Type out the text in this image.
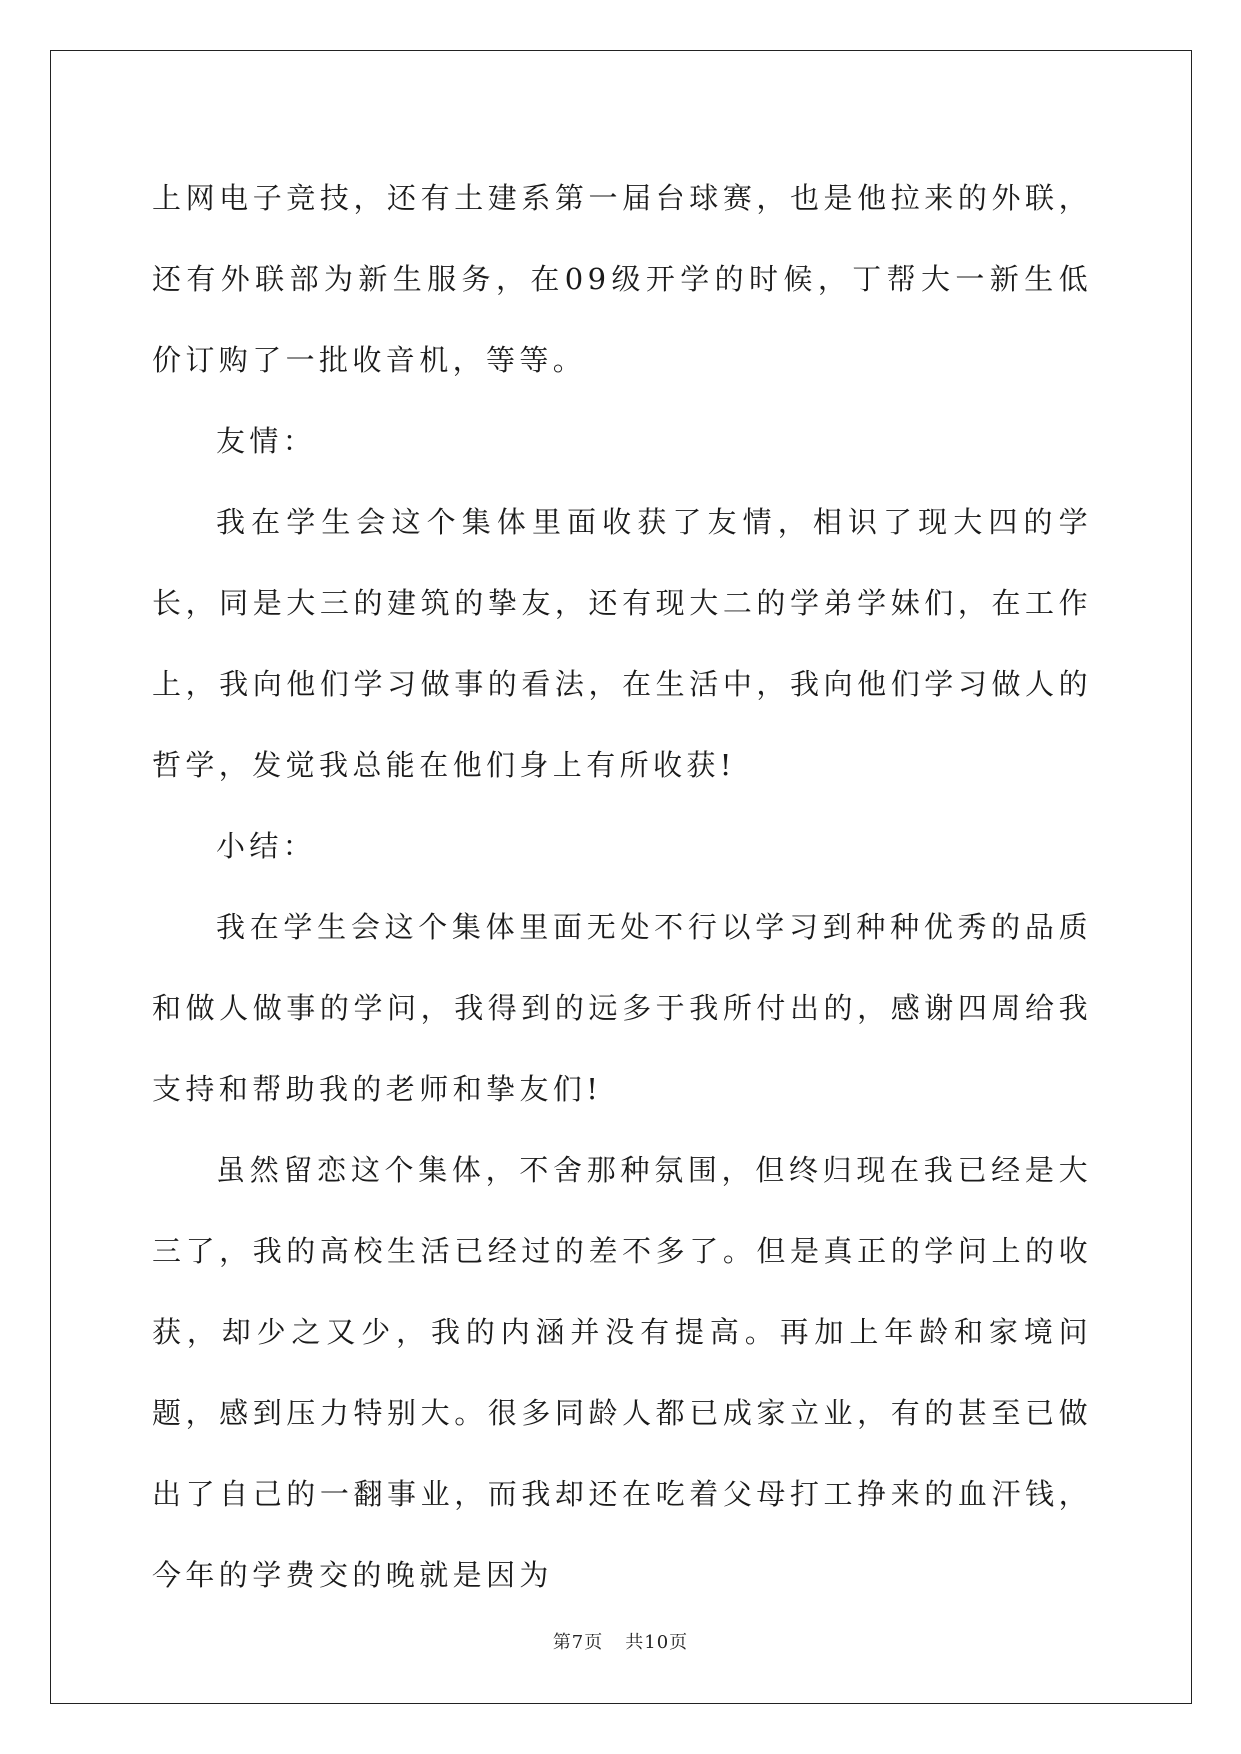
上网电子竞技，还有土建系第一届台球赛，也是他拉来的外联，还有外联部为新生服务，在09级开学的时候，丁帮大一新生低价订购了一批收音机，等等。

友情：

我在学生会这个集体里面收获了友情，相识了现大四的学长，同是大三的建筑的挚友，还有现大二的学弟学妹们，在工作上，我向他们学习做事的看法，在生活中，我向他们学习做人的哲学，发觉我总能在他们身上有所收获!

小结：

我在学生会这个集体里面无处不行以学习到种种优秀的品质和做人做事的学问，我得到的远多于我所付出的，感谢四周给我支持和帮助我的老师和挚友们!

虽然留恋这个集体，不舍那种氛围，但终归现在我已经是大三了，我的高校生活已经过的差不多了。但是真正的学问上的收获，却少之又少，我的内涵并没有提高。再加上年龄和家境问题，感到压力特别大。很多同龄人都已成家立业，有的甚至已做出了自己的一翻事业，而我却还在吃着父母打工挣来的血汗钱，今年的学费交的晚就是因为

第7页 共10页
